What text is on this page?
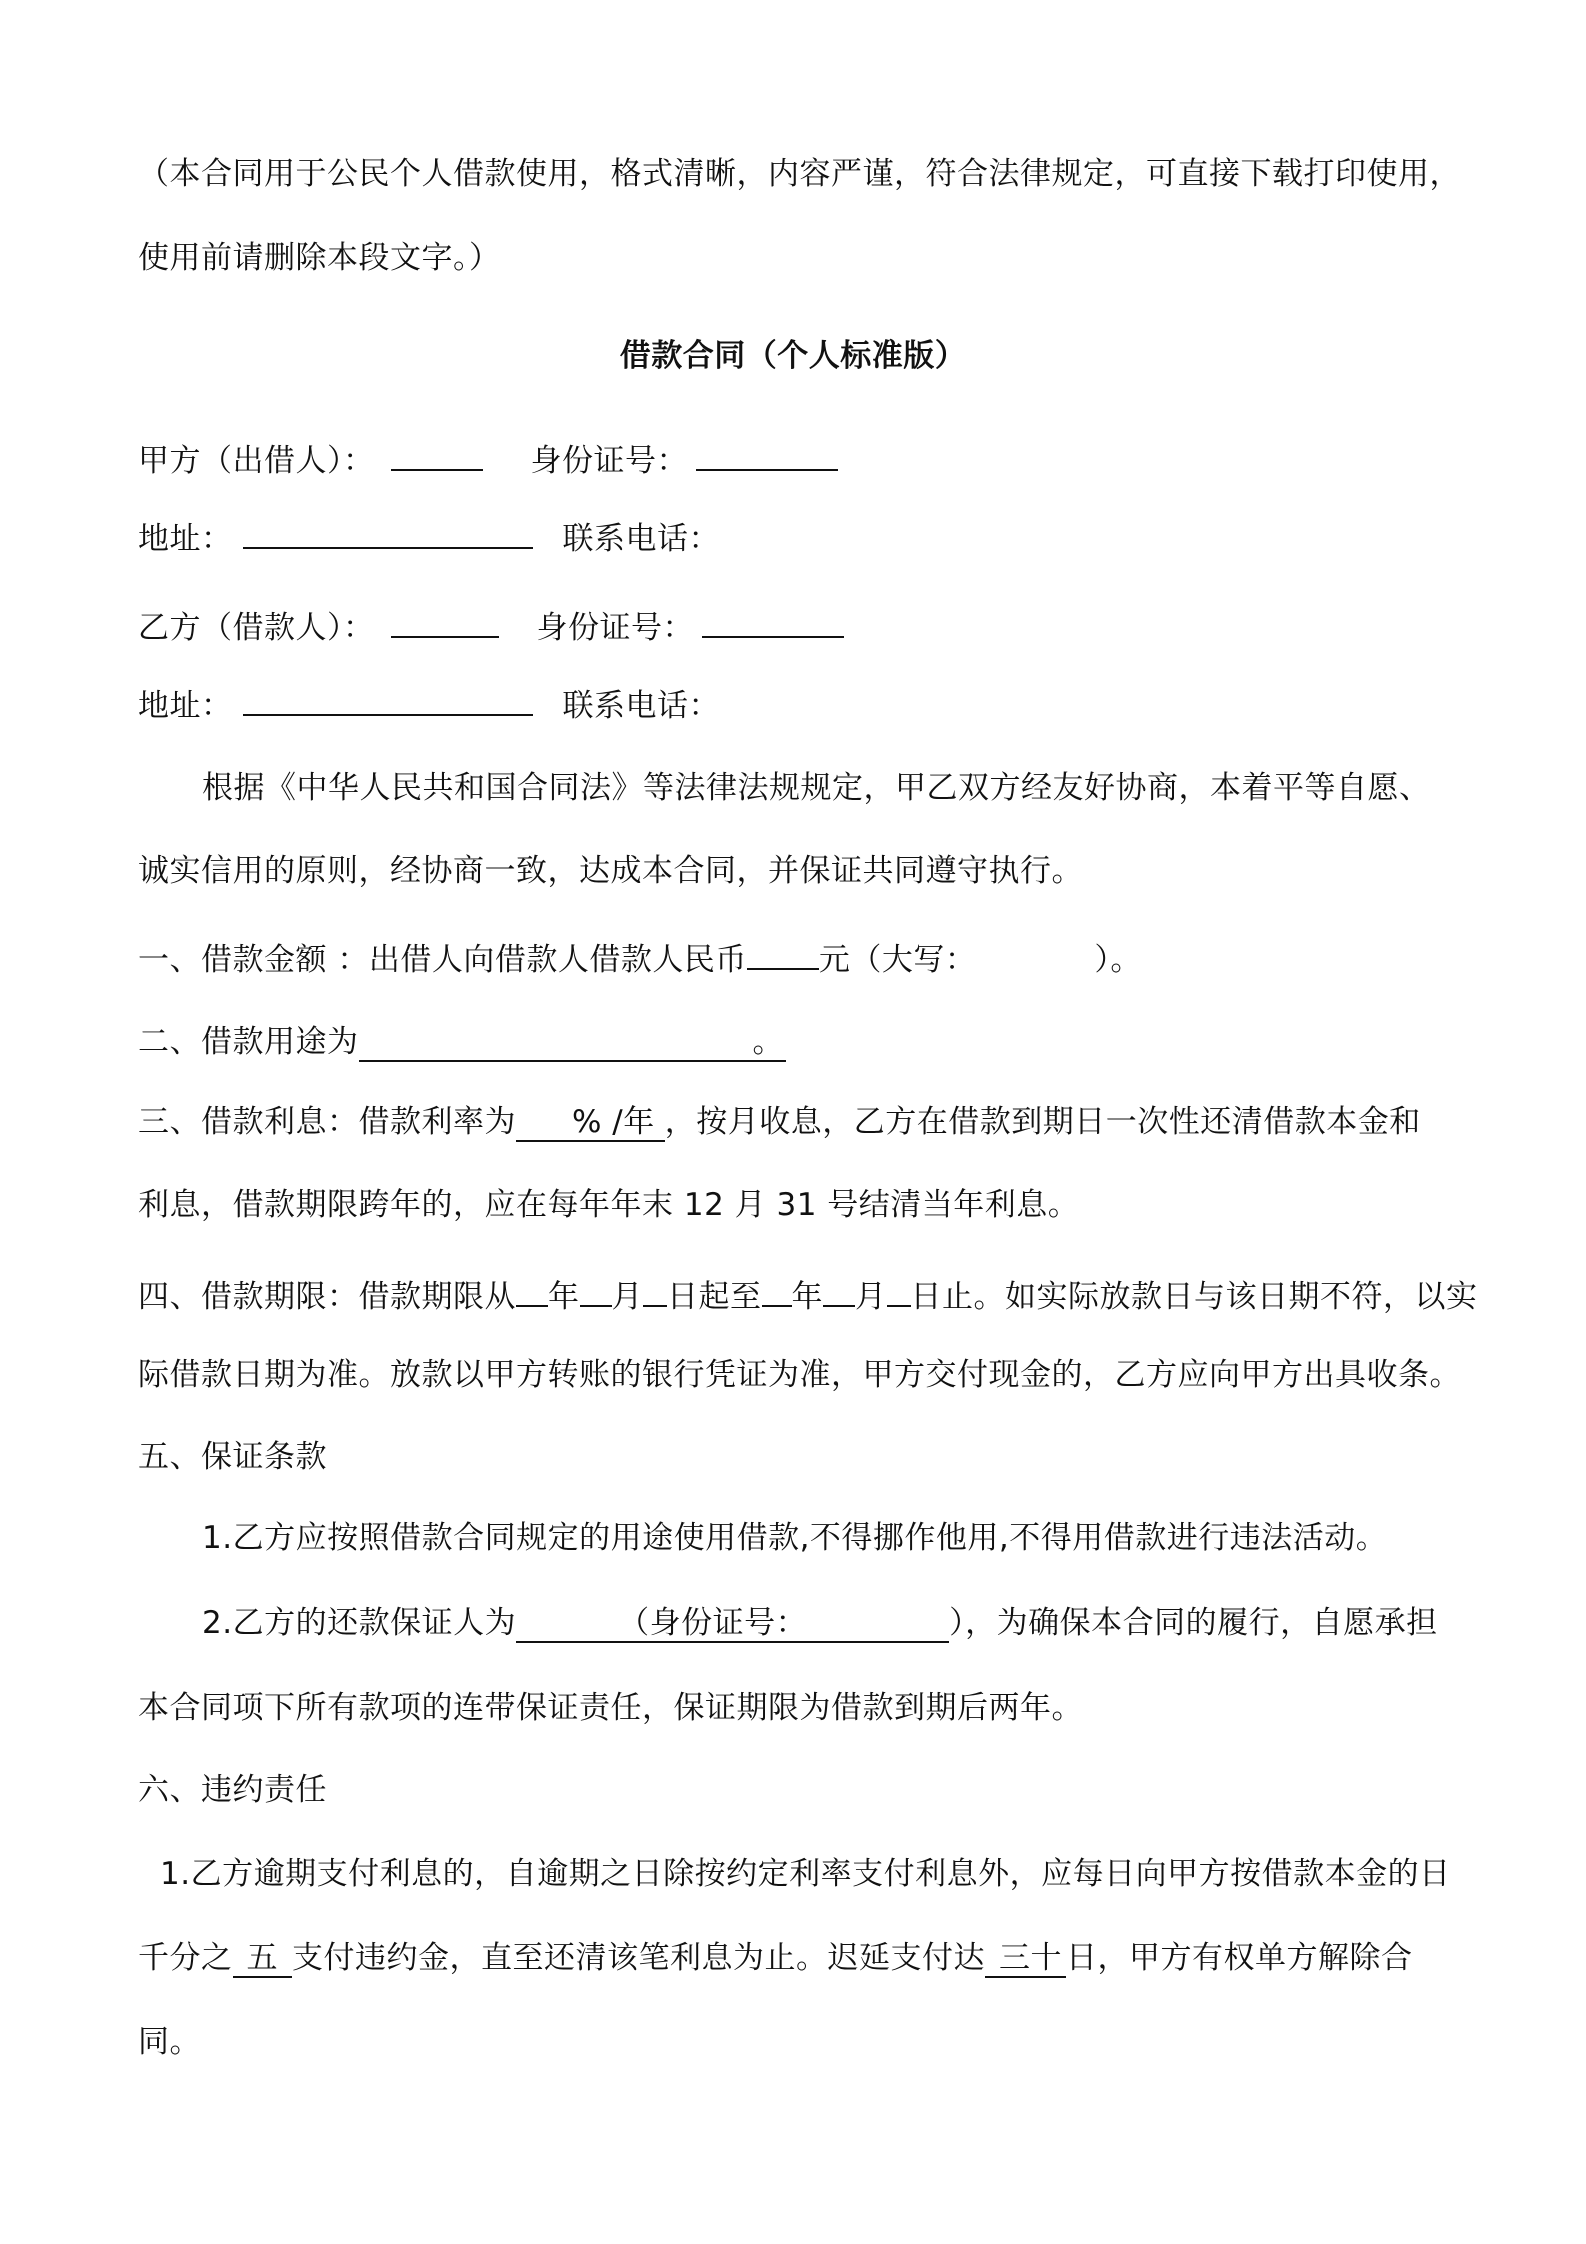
（本合同用于公民个人借款使用，格式清晰，内容严谨，符合法律规定，可直接下载打印使用，
使用前请删除本段文字。）
借款合同（个人标准版）
甲方（出借人）：	身份证号：
地址：	联系电话：
乙方（借款人）：	身份证号：
地址：	联系电话：
根据《中华人民共和国合同法》等法律法规规定，甲乙双方经友好协商，本着平等自愿、
诚实信用的原则，经协商一致，达成本合同，并保证共同遵守执行。
一、借款金额 ：出借人向借款人借款人民币 元（大写：	）。
二、借款用途为	。
三、借款利息：借款利率为 % /年 ，按月收息，乙方在借款到期日一次性还清借款本金和
利息，借款期限跨年的，应在每年年末 12 月 31 号结清当年利息。
四、借款期限：借款期限从 年 月 日起至 年 月 日止。如实际放款日与该日期不符，以实
际借款日期为准。放款以甲方转账的银行凭证为准，甲方交付现金的，乙方应向甲方出具收条。
五、保证条款
1.乙方应按照借款合同规定的用途使用借款,不得挪作他用,不得用借款进行违法活动。
2.乙方的还款保证人为	（身份证号：	），为确保本合同的履行，自愿承担
本合同项下所有款项的连带保证责任，保证期限为借款到期后两年。
六、违约责任
1.乙方逾期支付利息的，自逾期之日除按约定利率支付利息外，应每日向甲方按借款本金的日
千分之 五 支付违约金，直至还清该笔利息为止。迟延支付达 三十 日，甲方有权单方解除合
同。
